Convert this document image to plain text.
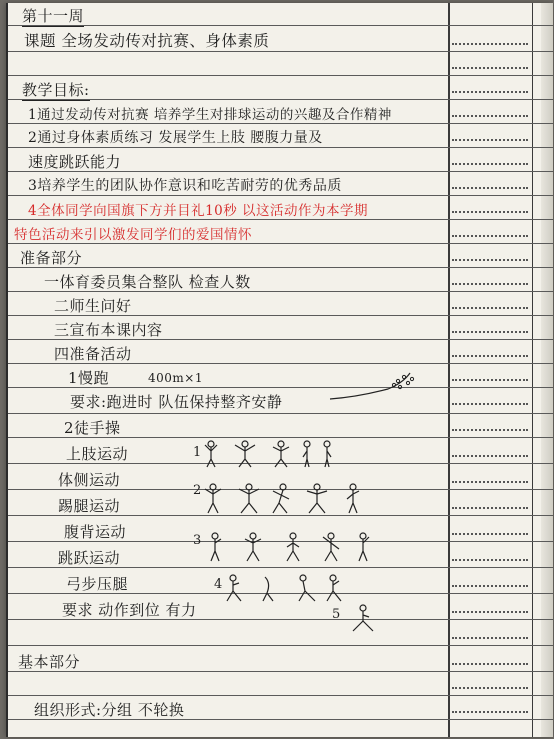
第十一周
课题 全场发动传对抗赛、身体素质
教学目标:
1通过发动传对抗赛 培养学生对排球运动的兴趣及合作精神
2通过身体素质练习 发展学生上肢 腰腹力量及
速度跳跃能力
3培养学生的团队协作意识和吃苦耐劳的优秀品质
4全体同学向国旗下方并目礼10秒 以这活动作为本学期
特色活动来引以激发同学们的爱国情怀
准备部分
一体育委员集合整队 检查人数
二师生问好
三宣布本课内容
四准备活动
1慢跑	400m×1
要求:跑进时 队伍保持整齐安静
2徒手操
上肢运动
体侧运动
踢腿运动
腹背运动
跳跃运动
弓步压腿
要求 动作到位 有力
基本部分
组织形式:分组 不轮换
1
2
3
4
5
